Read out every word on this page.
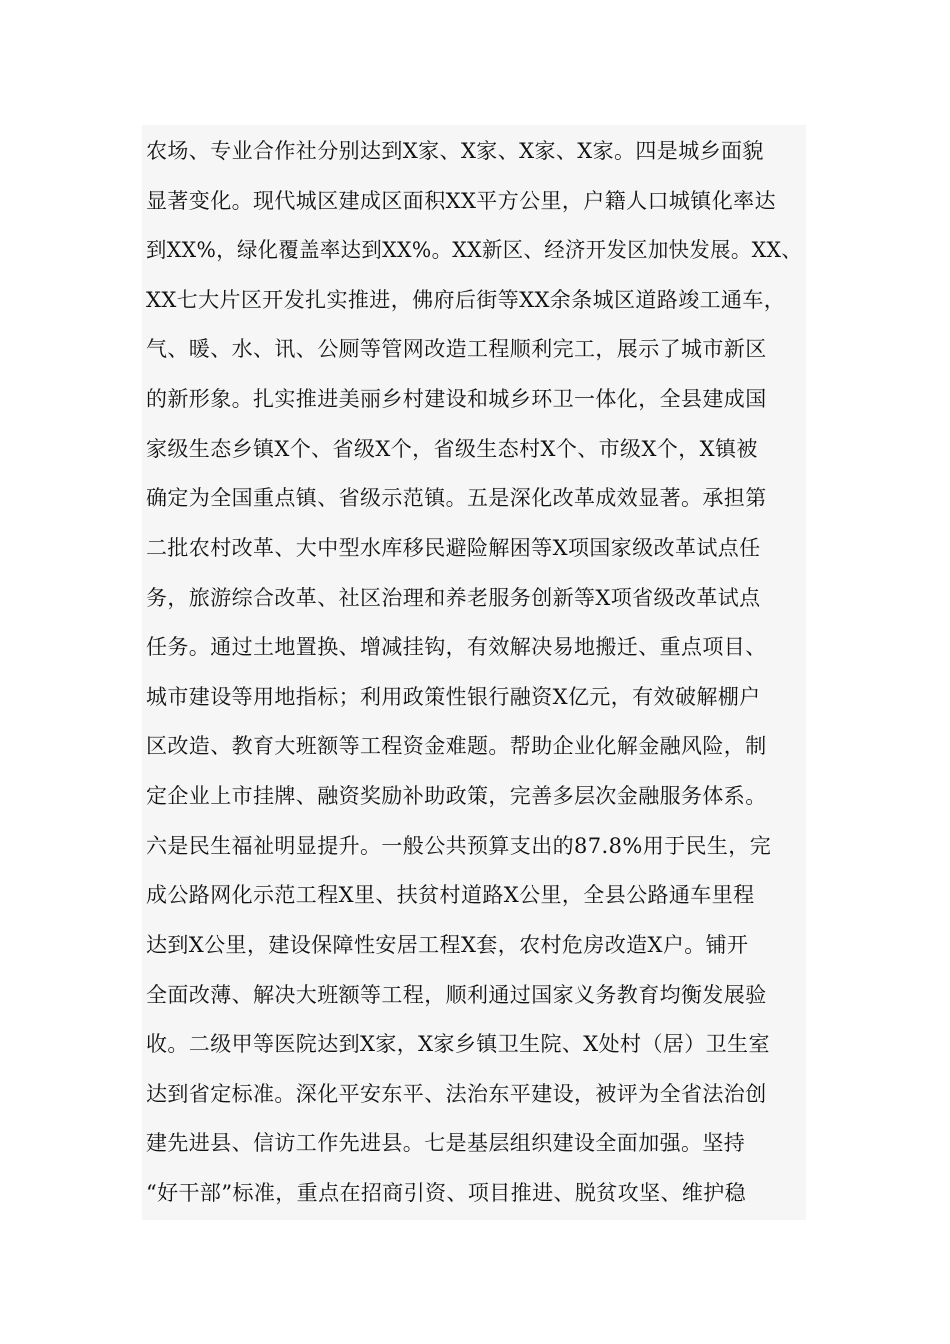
农场、专业合作社分别达到X家、X家、X家、X家。四是城乡面貌
显著变化。现代城区建成区面积XX平方公里，户籍人口城镇化率达
到XX%，绿化覆盖率达到XX%。XX新区、经济开发区加快发展。XX、
XX七大片区开发扎实推进，佛府后街等XX余条城区道路竣工通车，
气、暖、水、讯、公厕等管网改造工程顺利完工，展示了城市新区
的新形象。扎实推进美丽乡村建设和城乡环卫一体化，全县建成国
家级生态乡镇X个、省级X个，省级生态村X个、市级X个，X镇被
确定为全国重点镇、省级示范镇。五是深化改革成效显著。承担第
二批农村改革、大中型水库移民避险解困等X项国家级改革试点任
务，旅游综合改革、社区治理和养老服务创新等X项省级改革试点
任务。通过土地置换、增减挂钩，有效解决易地搬迁、重点项目、
城市建设等用地指标；利用政策性银行融资X亿元，有效破解棚户
区改造、教育大班额等工程资金难题。帮助企业化解金融风险，制
定企业上市挂牌、融资奖励补助政策，完善多层次金融服务体系。
六是民生福祉明显提升。一般公共预算支出的87.8%用于民生，完
成公路网化示范工程X里、扶贫村道路X公里，全县公路通车里程
达到X公里，建设保障性安居工程X套，农村危房改造X户。铺开
全面改薄、解决大班额等工程，顺利通过国家义务教育均衡发展验
收。二级甲等医院达到X家，X家乡镇卫生院、X处村（居）卫生室
达到省定标准。深化平安东平、法治东平建设，被评为全省法治创
建先进县、信访工作先进县。七是基层组织建设全面加强。坚持
“好干部”标准，重点在招商引资、项目推进、脱贫攻坚、维护稳
